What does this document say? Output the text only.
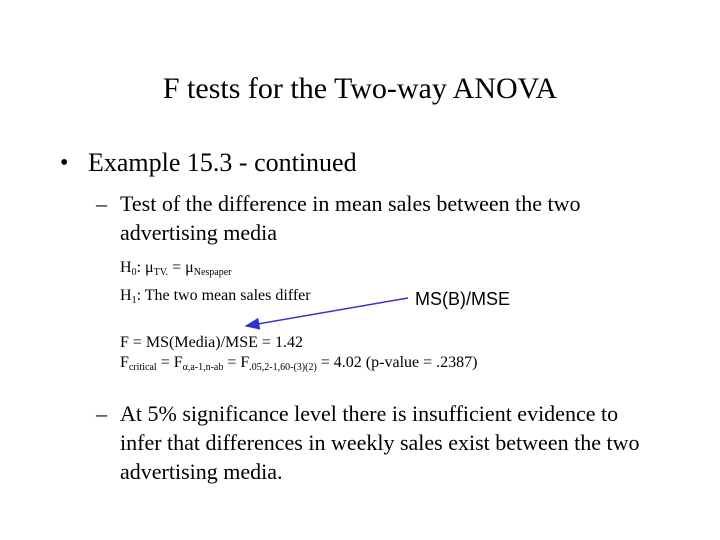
F tests for the Two-way ANOVA
• Example 15.3 - continued
– Test of the difference in mean sales between the two advertising media
$H_0$: $\mu_{TV.} = \mu_{Nespaper}$
$H_1$: The two mean sales differ	MS(B)/MSE
F = MS(Media)/MSE = 1.42
$F_{critical} = F_{\alpha,a-1,n-ab} = F_{.05,2-1,60-(3)(2)} = 4.02$ (p-value = .2387)
– At 5% significance level there is insufficient evidence to infer that differences in weekly sales exist between the two advertising media.
